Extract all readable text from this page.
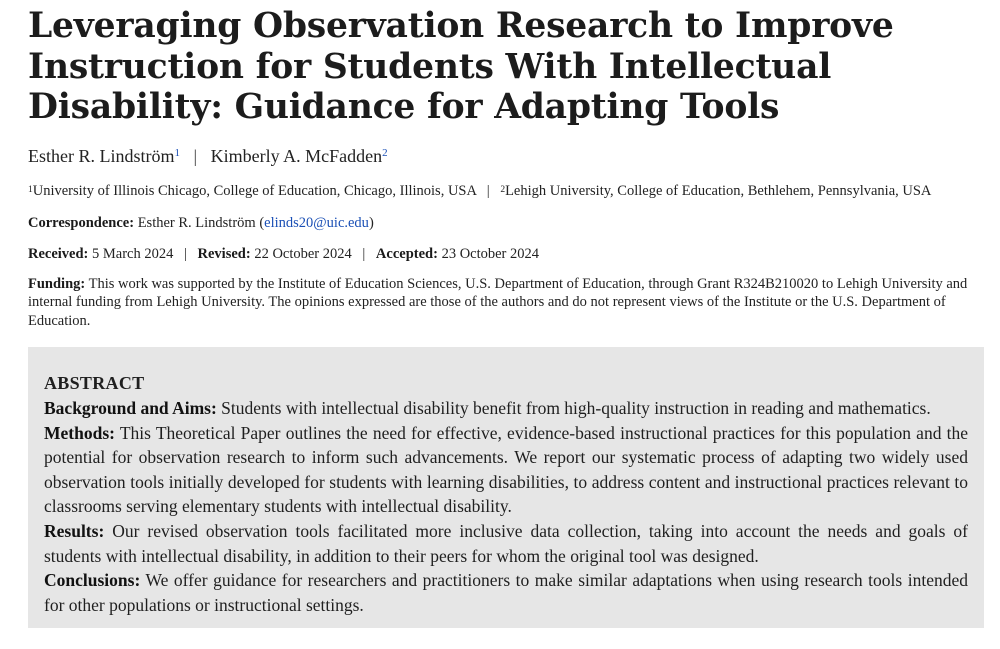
Leveraging Observation Research to Improve Instruction for Students With Intellectual Disability: Guidance for Adapting Tools
Esther R. Lindström$^1$ | Kimberly A. McFadden$^2$
$^1$University of Illinois Chicago, College of Education, Chicago, Illinois, USA | $^2$Lehigh University, College of Education, Bethlehem, Pennsylvania, USA
Correspondence: Esther R. Lindström (elinds20@uic.edu)
Received: 5 March 2024 | Revised: 22 October 2024 | Accepted: 23 October 2024
Funding: This work was supported by the Institute of Education Sciences, U.S. Department of Education, through Grant R324B210020 to Lehigh University and internal funding from Lehigh University. The opinions expressed are those of the authors and do not represent views of the Institute or the U.S. Department of Education.
ABSTRACT

Background and Aims: Students with intellectual disability benefit from high-quality instruction in reading and mathematics.

Methods: This Theoretical Paper outlines the need for effective, evidence-based instructional practices for this population and the potential for observation research to inform such advancements. We report our systematic process of adapting two widely used observation tools initially developed for students with learning disabilities, to address content and instructional practices relevant to classrooms serving elementary students with intellectual disability.

Results: Our revised observation tools facilitated more inclusive data collection, taking into account the needs and goals of students with intellectual disability, in addition to their peers for whom the original tool was designed.

Conclusions: We offer guidance for researchers and practitioners to make similar adaptations when using research tools intended for other populations or instructional settings.
